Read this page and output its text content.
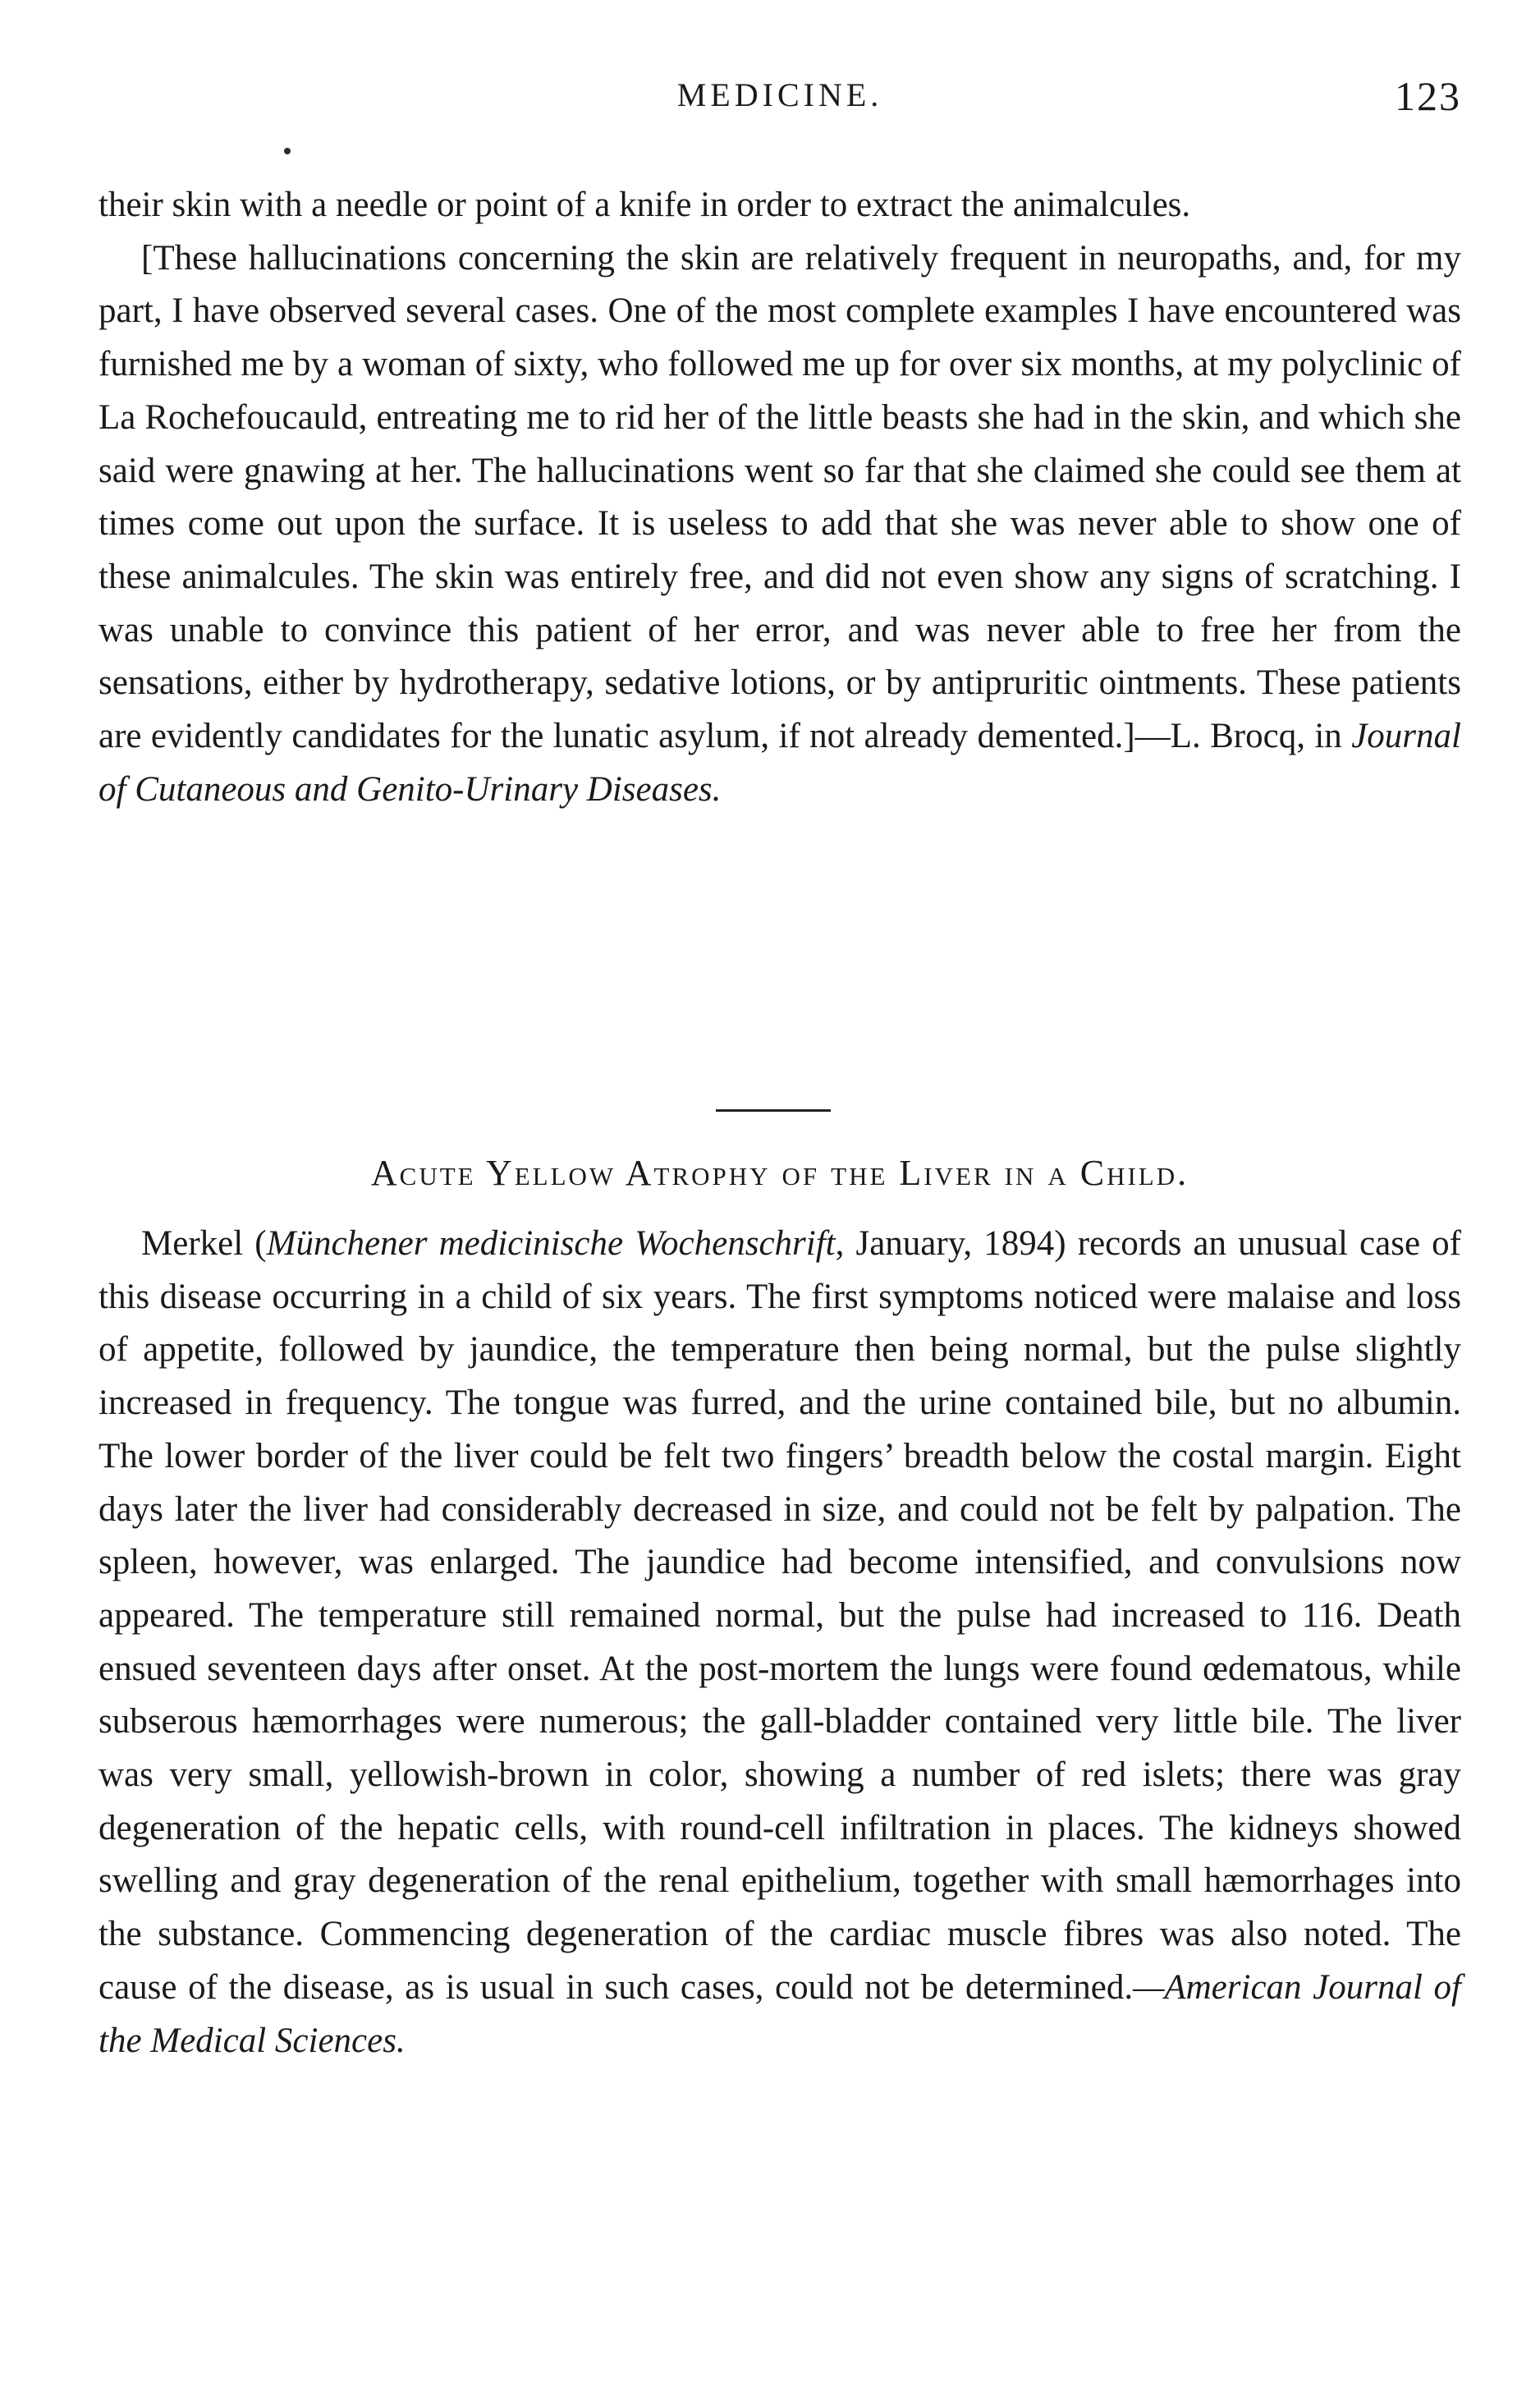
MEDICINE.	123

their skin with a needle or point of a knife in order to extract the animalcules.

[These hallucinations concerning the skin are relatively frequent in neuropaths, and, for my part, I have observed several cases. One of the most complete examples I have encountered was furnished me by a woman of sixty, who followed me up for over six months, at my polyclinic of La Rochefoucauld, entreating me to rid her of the little beasts she had in the skin, and which she said were gnawing at her. The hallucinations went so far that she claimed she could see them at times come out upon the surface. It is useless to add that she was never able to show one of these animalcules. The skin was entirely free, and did not even show any signs of scratching. I was unable to convince this patient of her error, and was never able to free her from the sensations, either by hydrotherapy, sedative lotions, or by antipruritic ointments. These patients are evidently candidates for the lunatic asylum, if not already demented.]—L. Brocq, in Journal of Cutaneous and Genito-Urinary Diseases.

Acute Yellow Atrophy of the Liver in a Child.

Merkel (Münchener medicinische Wochenschrift, January, 1894) records an unusual case of this disease occurring in a child of six years. The first symptoms noticed were malaise and loss of appetite, followed by jaundice, the temperature then being normal, but the pulse slightly increased in frequency. The tongue was furred, and the urine contained bile, but no albumin. The lower border of the liver could be felt two fingers’ breadth below the costal margin. Eight days later the liver had considerably decreased in size, and could not be felt by palpation. The spleen, however, was enlarged. The jaundice had become intensified, and convulsions now appeared. The temperature still remained normal, but the pulse had increased to 116. Death ensued seventeen days after onset. At the post-mortem the lungs were found œdematous, while subserous hæmorrhages were numerous; the gall-bladder contained very little bile. The liver was very small, yellowish-brown in color, showing a number of red islets; there was gray degeneration of the hepatic cells, with round-cell infiltration in places. The kidneys showed swelling and gray degeneration of the renal epithelium, together with small hæmorrhages into the substance. Commencing degeneration of the cardiac muscle fibres was also noted. The cause of the disease, as is usual in such cases, could not be determined.—American Journal of the Medical Sciences.
